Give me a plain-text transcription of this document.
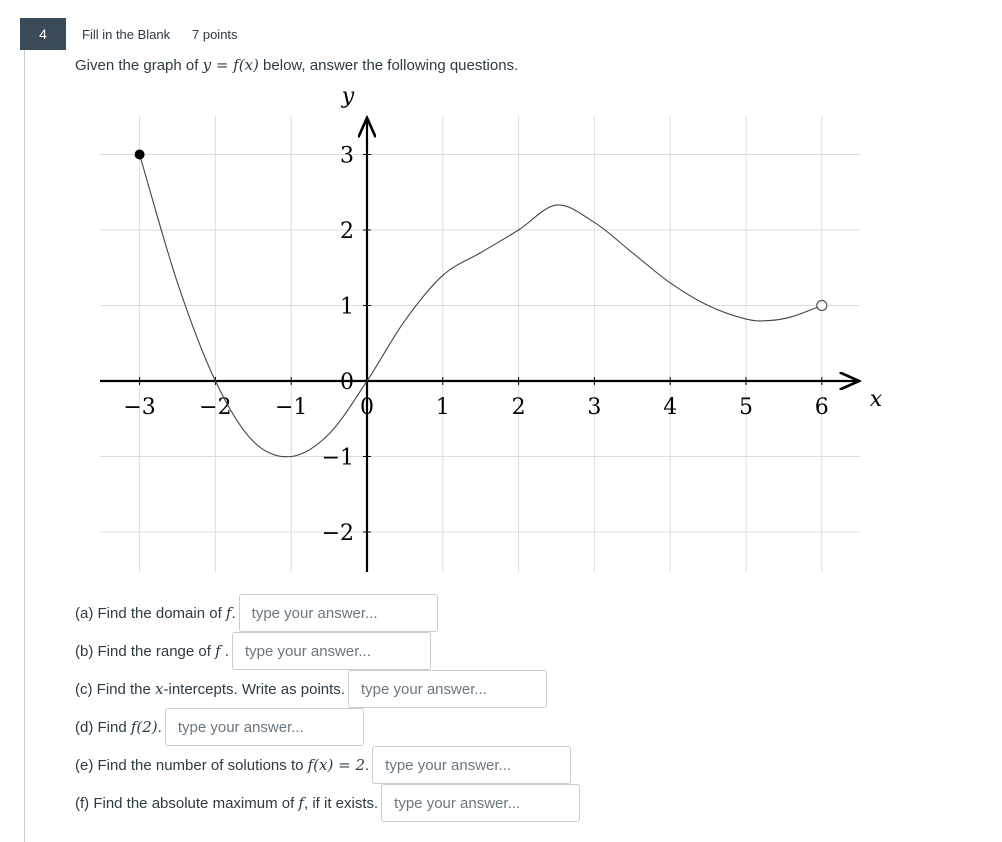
4	Fill in the Blank 7 points
Given the graph of y = f(x) below, answer the following questions.
−3 −2 −1 0	1	2	3	4	5	6
3
2
1
0
−1
−2
x
y
(a) Find the domain of f.
type your answer...
(b) Find the range of f .
type your answer...
(c) Find the x-intercepts. Write as points.
type your answer...
(d) Find f(2).
type your answer...
(e) Find the number of solutions to f(x) = 2.
type your answer...
(f) Find the absolute maximum of f, if it exists.
type your answer...
